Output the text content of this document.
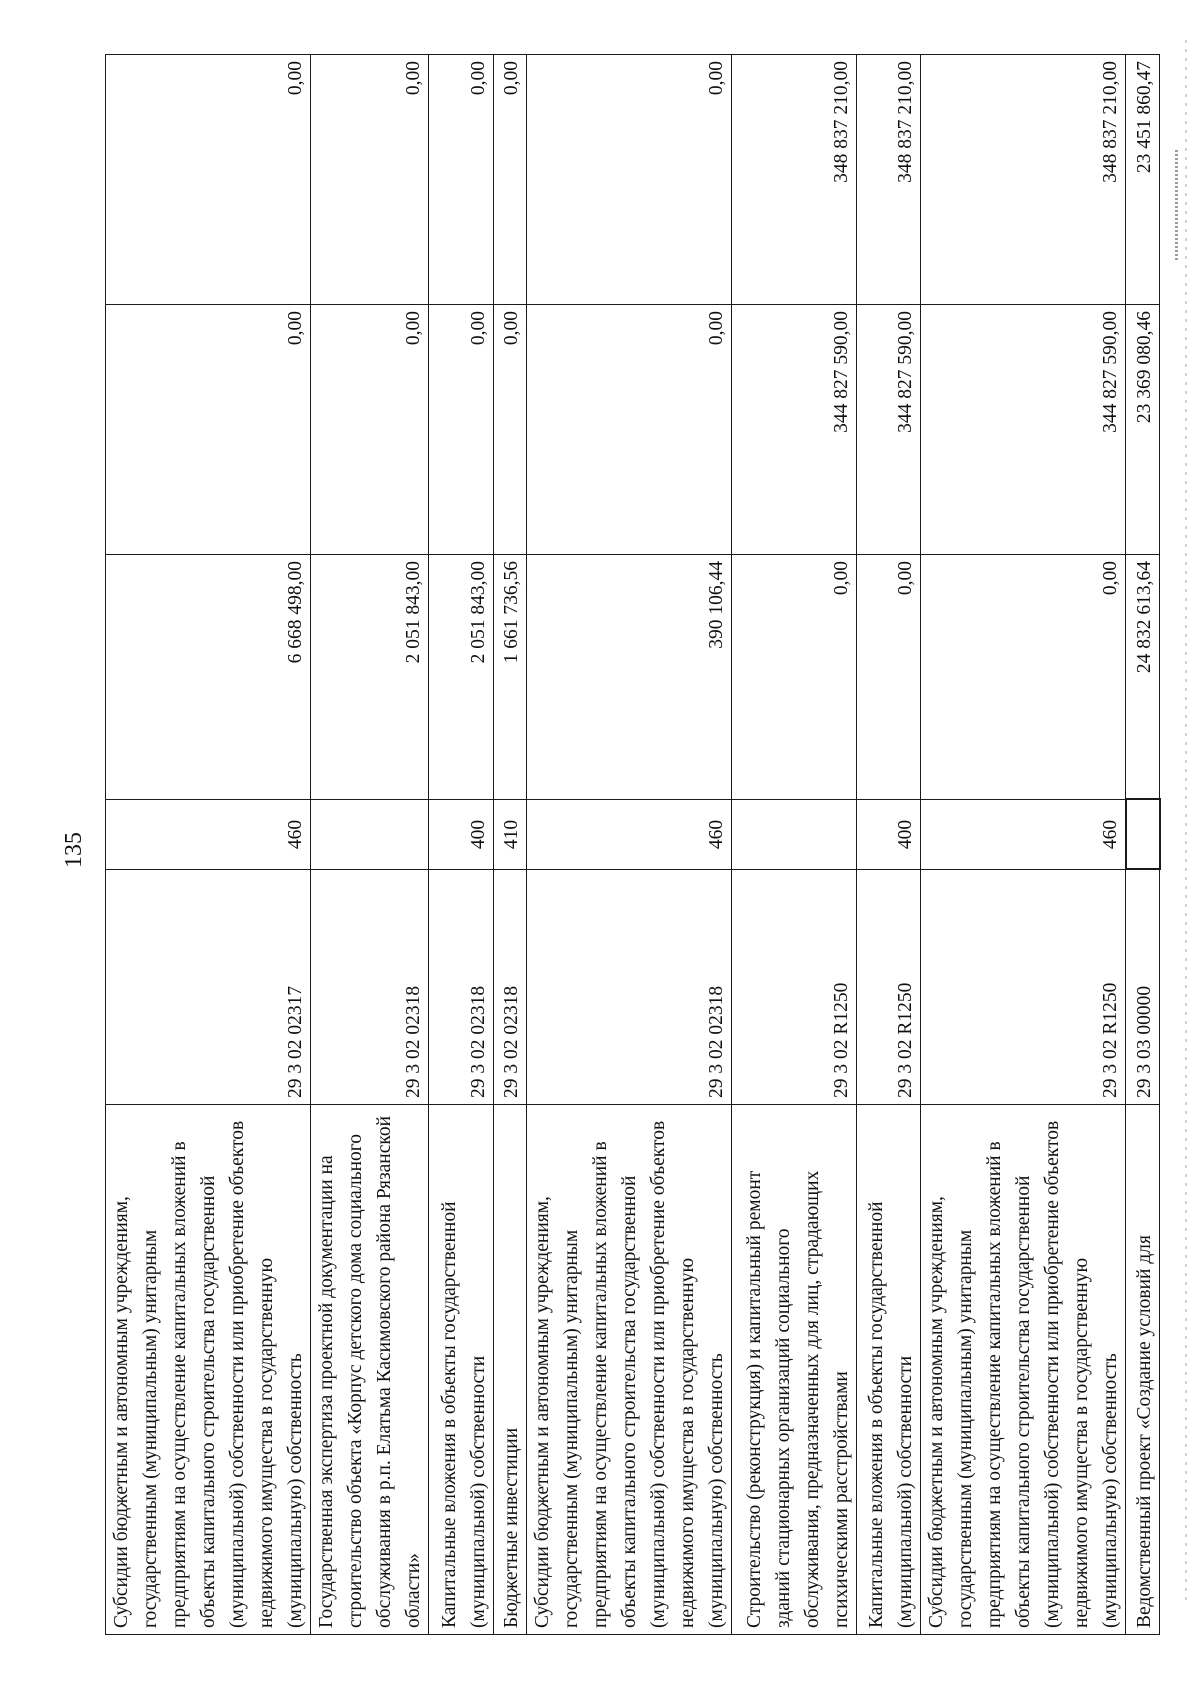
135
Субсидии бюджетным и автономным учреждениям, государственным (муниципальным) унитарным предприятиям на осуществление капитальных вложений в объекты капитального строительства государственной (муниципальной) собственности или приобретение объектов недвижимого имущества в государственную (муниципальную) собственность	29 3 02 02317	460	6 668 498,00	0,00	0,00
Государственная экспертиза проектной документации на строительство объекта «Корпус детского дома социального обслуживания в р.п. Елатьма Касимовского района Рязанской области»	29 3 02 02318		2 051 843,00	0,00	0,00
Капитальные вложения в объекты государственной (муниципальной) собственности	29 3 02 02318	400	2 051 843,00	0,00	0,00
Бюджетные инвестиции	29 3 02 02318	410	1 661 736,56	0,00	0,00
Субсидии бюджетным и автономным учреждениям, государственным (муниципальным) унитарным предприятиям на осуществление капитальных вложений в объекты капитального строительства государственной (муниципальной) собственности или приобретение объектов недвижимого имущества в государственную (муниципальную) собственность	29 3 02 02318	460	390 106,44	0,00	0,00
Строительство (реконструкция) и капитальный ремонт зданий стационарных организаций социального обслуживания, предназначенных для лиц, страдающих психическими расстройствами	29 3 02 R1250		0,00	344 827 590,00	348 837 210,00
Капитальные вложения в объекты государственной (муниципальной) собственности	29 3 02 R1250	400	0,00	344 827 590,00	348 837 210,00
Субсидии бюджетным и автономным учреждениям, государственным (муниципальным) унитарным предприятиям на осуществление капитальных вложений в объекты капитального строительства государственной (муниципальной) собственности или приобретение объектов недвижимого имущества в государственную (муниципальную) собственность	29 3 02 R1250	460	0,00	344 827 590,00	348 837 210,00
Ведомственный проект «Создание условий для	29 3 03 00000		24 832 613,64	23 369 080,46	23 451 860,47
